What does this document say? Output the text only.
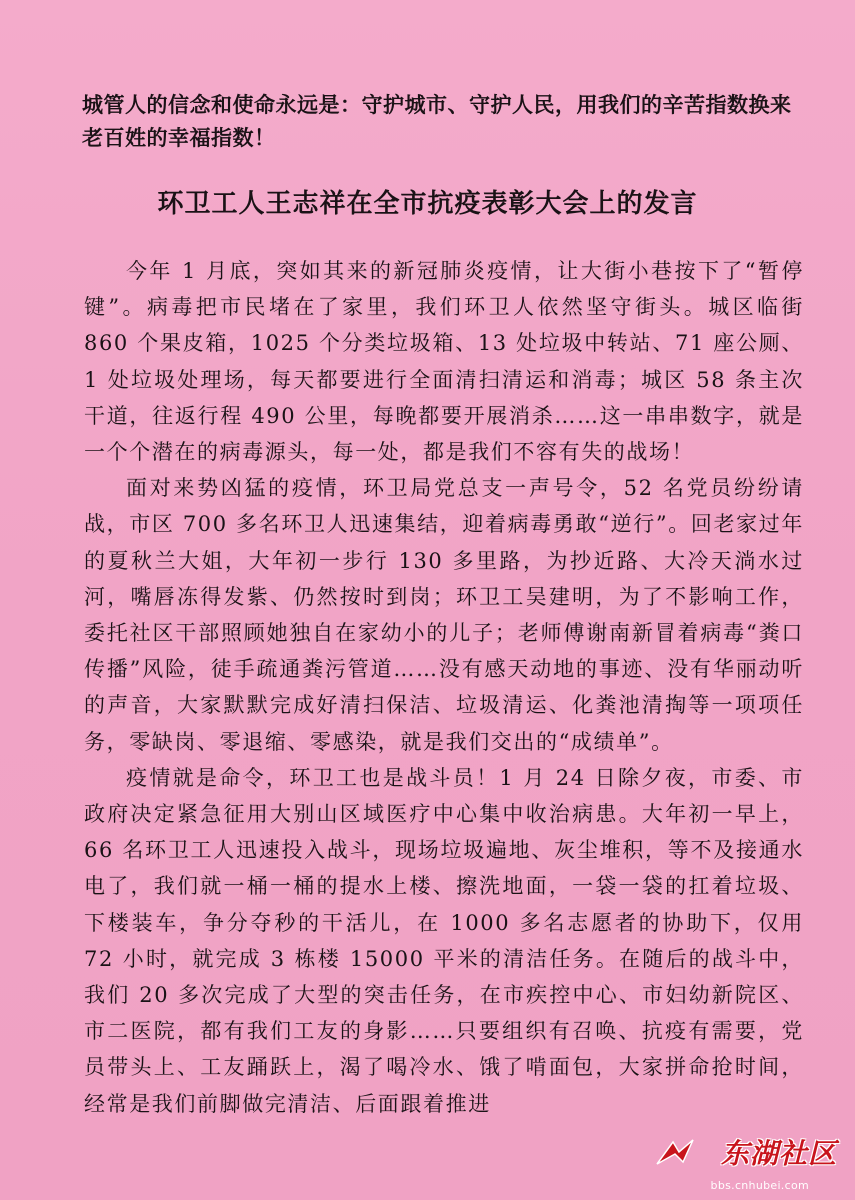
城管人的信念和使命永远是：守护城市、守护人民，用我们的辛苦指数换来老百姓的幸福指数！
环卫工人王志祥在全市抗疫表彰大会上的发言

今年 1 月底，突如其来的新冠肺炎疫情，让大街小巷按下了“暂停键”。病毒把市民堵在了家里，我们环卫人依然坚守街头。城区临街 860 个果皮箱，1025 个分类垃圾箱、13 处垃圾中转站、71 座公厕、1 处垃圾处理场，每天都要进行全面清扫清运和消毒；城区 58 条主次干道，往返行程 490 公里，每晚都要开展消杀……这一串串数字，就是一个个潜在的病毒源头，每一处，都是我们不容有失的战场！

面对来势凶猛的疫情，环卫局党总支一声号令，52 名党员纷纷请战，市区 700 多名环卫人迅速集结，迎着病毒勇敢“逆行”。回老家过年的夏秋兰大姐，大年初一步行 130 多里路，为抄近路、大冷天淌水过河，嘴唇冻得发紫、仍然按时到岗；环卫工吴建明，为了不影响工作，委托社区干部照顾她独自在家幼小的儿子；老师傅谢南新冒着病毒“粪口传播”风险，徒手疏通粪污管道……没有感天动地的事迹、没有华丽动听的声音，大家默默完成好清扫保洁、垃圾清运、化粪池清掏等一项项任务，零缺岗、零退缩、零感染，就是我们交出的“成绩单”。

疫情就是命令，环卫工也是战斗员！1 月 24 日除夕夜，市委、市政府决定紧急征用大别山区域医疗中心集中收治病患。大年初一早上，66 名环卫工人迅速投入战斗，现场垃圾遍地、灰尘堆积，等不及接通水电了，我们就一桶一桶的提水上楼、擦洗地面，一袋一袋的扛着垃圾、下楼装车，争分夺秒的干活儿，在 1000 多名志愿者的协助下，仅用 72 小时，就完成 3 栋楼 15000 平米的清洁任务。在随后的战斗中，我们 20 多次完成了大型的突击任务，在市疾控中心、市妇幼新院区、市二医院，都有我们工友的身影……只要组织有召唤、抗疫有需要，党员带头上、工友踊跃上，渴了喝冷水、饿了啃面包，大家拼命抢时间，经常是我们前脚做完清洁、后面跟着推进

东湖社区
bbs.cnhubei.com
